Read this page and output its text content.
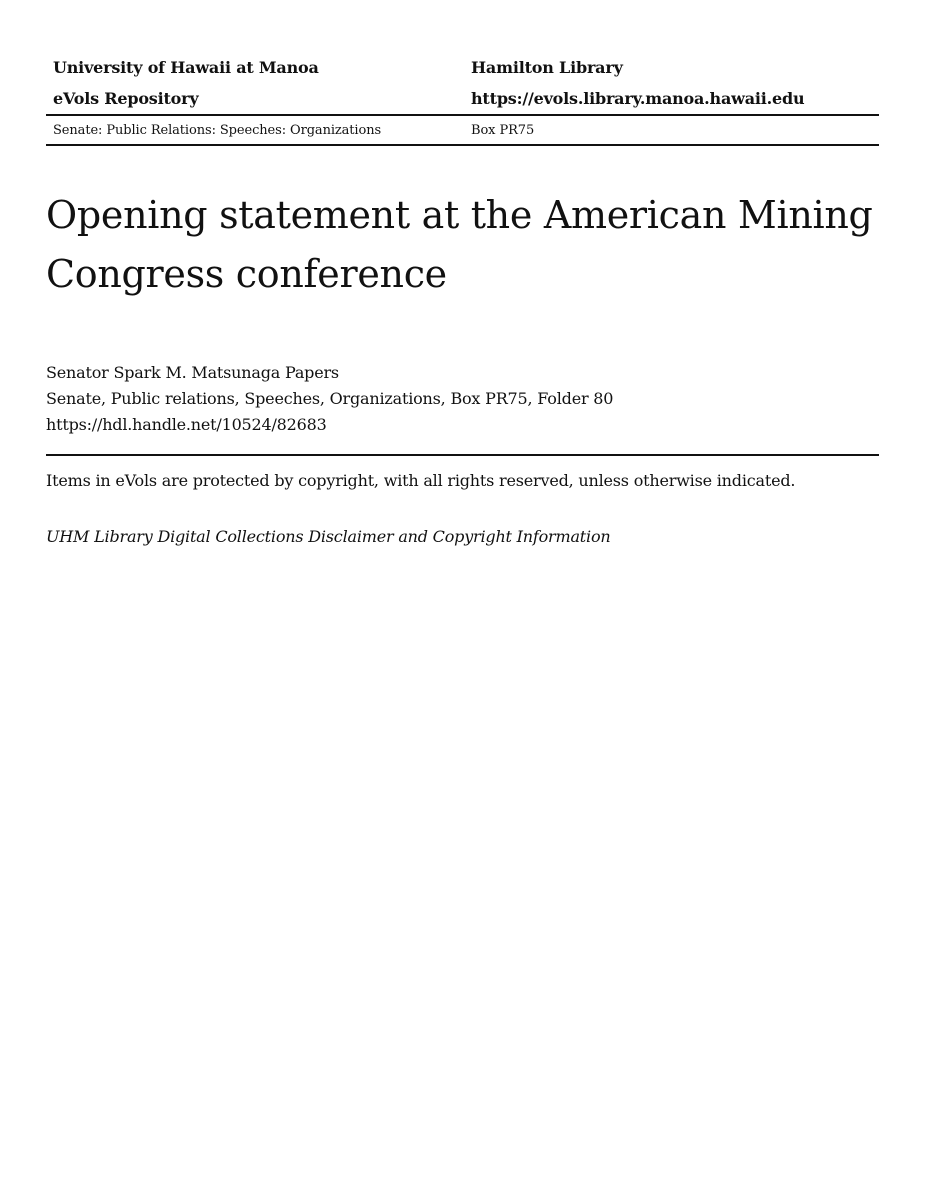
University of Hawaii at Manoa	Hamilton Library
eVols Repository	https://evols.library.manoa.hawaii.edu
Senate: Public Relations: Speeches: Organizations	Box PR75
Opening statement at the American Mining Congress conference
Senator Spark M. Matsunaga Papers
Senate, Public relations, Speeches, Organizations, Box PR75, Folder 80
https://hdl.handle.net/10524/82683
Items in eVols are protected by copyright, with all rights reserved, unless otherwise indicated.
UHM Library Digital Collections Disclaimer and Copyright Information
